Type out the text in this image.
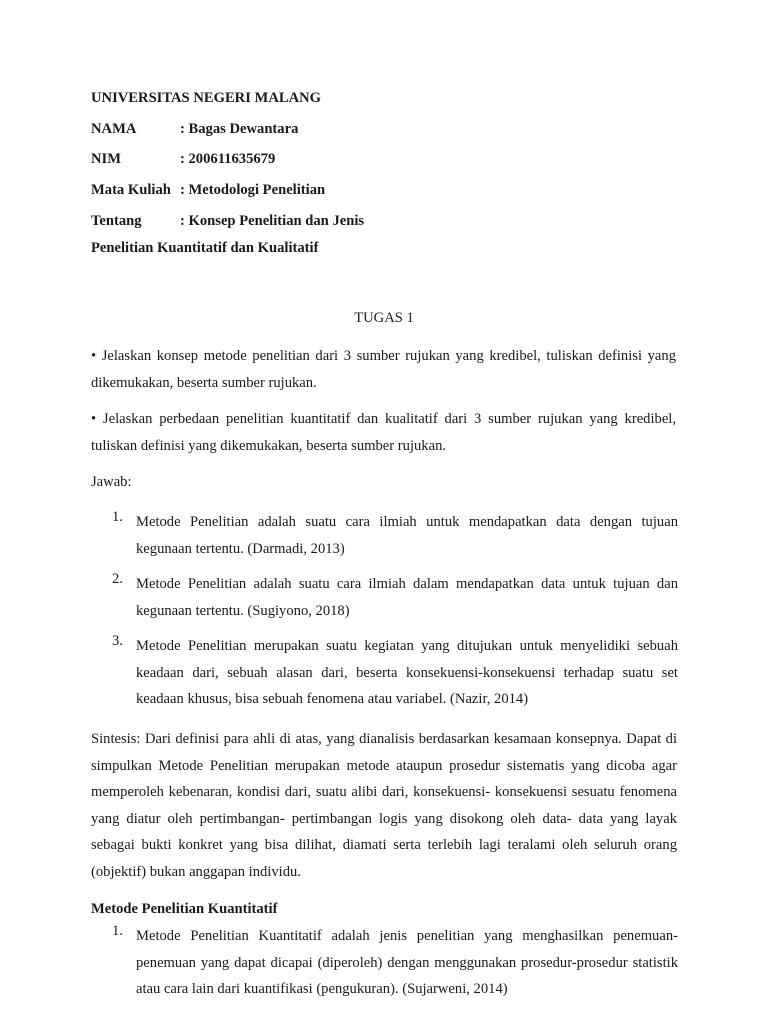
UNIVERSITAS NEGERI MALANG
NAMA	: Bagas Dewantara
NIM	: 200611635679
Mata Kuliah : Metodologi Penelitian
Tentang	: Konsep Penelitian dan Jenis
Penelitian Kuantitatif dan Kualitatif
TUGAS 1
• Jelaskan konsep metode penelitian dari 3 sumber rujukan yang kredibel, tuliskan definisi yang dikemukakan, beserta sumber rujukan.
• Jelaskan perbedaan penelitian kuantitatif dan kualitatif dari 3 sumber rujukan yang kredibel, tuliskan definisi yang dikemukakan, beserta sumber rujukan.
Jawab:
1. Metode Penelitian adalah suatu cara ilmiah untuk mendapatkan data dengan tujuan kegunaan tertentu. (Darmadi, 2013)
2. Metode Penelitian adalah suatu cara ilmiah dalam mendapatkan data untuk tujuan dan kegunaan tertentu. (Sugiyono, 2018)
3. Metode Penelitian merupakan suatu kegiatan yang ditujukan untuk menyelidiki sebuah keadaan dari, sebuah alasan dari, beserta konsekuensi-konsekuensi terhadap suatu set keadaan khusus, bisa sebuah fenomena atau variabel. (Nazir, 2014)
Sintesis: Dari definisi para ahli di atas, yang dianalisis berdasarkan kesamaan konsepnya. Dapat di simpulkan Metode Penelitian merupakan metode ataupun prosedur sistematis yang dicoba agar memperoleh kebenaran, kondisi dari, suatu alibi dari, konsekuensi- konsekuensi sesuatu fenomena yang diatur oleh pertimbangan- pertimbangan logis yang disokong oleh data- data yang layak sebagai bukti konkret yang bisa dilihat, diamati serta terlebih lagi teralami oleh seluruh orang (objektif) bukan anggapan individu.
Metode Penelitian Kuantitatif
1. Metode Penelitian Kuantitatif adalah jenis penelitian yang menghasilkan penemuan-penemuan yang dapat dicapai (diperoleh) dengan menggunakan prosedur-prosedur statistik atau cara lain dari kuantifikasi (pengukuran). (Sujarweni, 2014)
